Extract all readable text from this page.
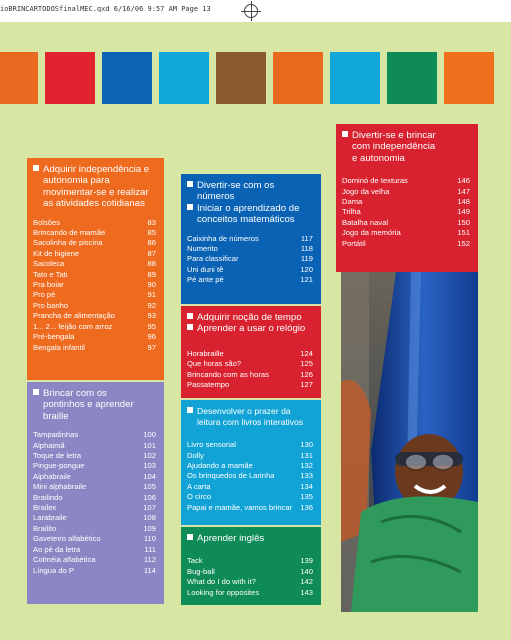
ioBRINCARTODOSfinalMEC.qxd 6/16/06 9:57 AM Page 13
Adquirir independência e
autonomia para
movimentar-se e realizar
as atividades cotidianas
Bolsões	83
Brincando de mamãe	85
Sacolinha de piscina	86
Kit de higiene	87
Sacoleca	88
Tato e Tati	89
Pra boiar	90
Pro pé	91
Pro banho	92
Prancha de alimentação	93
1... 2... feijão com arroz	95
Pré-bengala	96
Bengala infantil	97
Brincar com os
pontinhos e aprender
braille
Tampadinhas	100
Alphaimã	101
Toque de letra	102
Pingue-pongue	103
Alphabraile	104
Mini alphabraile	105
Brailindo	106
Brailex	107
Larabraile	108
Brailito	109
Gaveteiro alfabético	110
Ao pé da letra	111
Colméia alfabética	112
Língua do P	114
Divertir-se com os
números
Iniciar o aprendizado de
conceitos matemáticos
Caixinha de números	117
Numerito	118
Para classificar	119
Uni duni tê	120
Pé ante pé	121
Adquirir noção de tempo
Aprender a usar o relógio
Horabraille	124
Que horas são?	125
Brincando com as horas	126
Passatempo	127
Desenvolver o prazer da
leitura com livros interativos
Livro sensorial	130
Dolly	131
Ajudando a mamãe	132
Os brinquedos de Larinha	133
A carta	134
O circo	135
Papai e mamãe, vamos brincar 136
Aprender inglês
Tack	139
Bug-ball	140
What do I do with it?	142
Looking for opposites	143
Divertir-se e brincar
com independência
e autonomia
Dominó de texturas	146
Jogo da velha	147
Dama	148
Trilha	149
Batalha naval	150
Jogo da memória	151
Portátil	152
